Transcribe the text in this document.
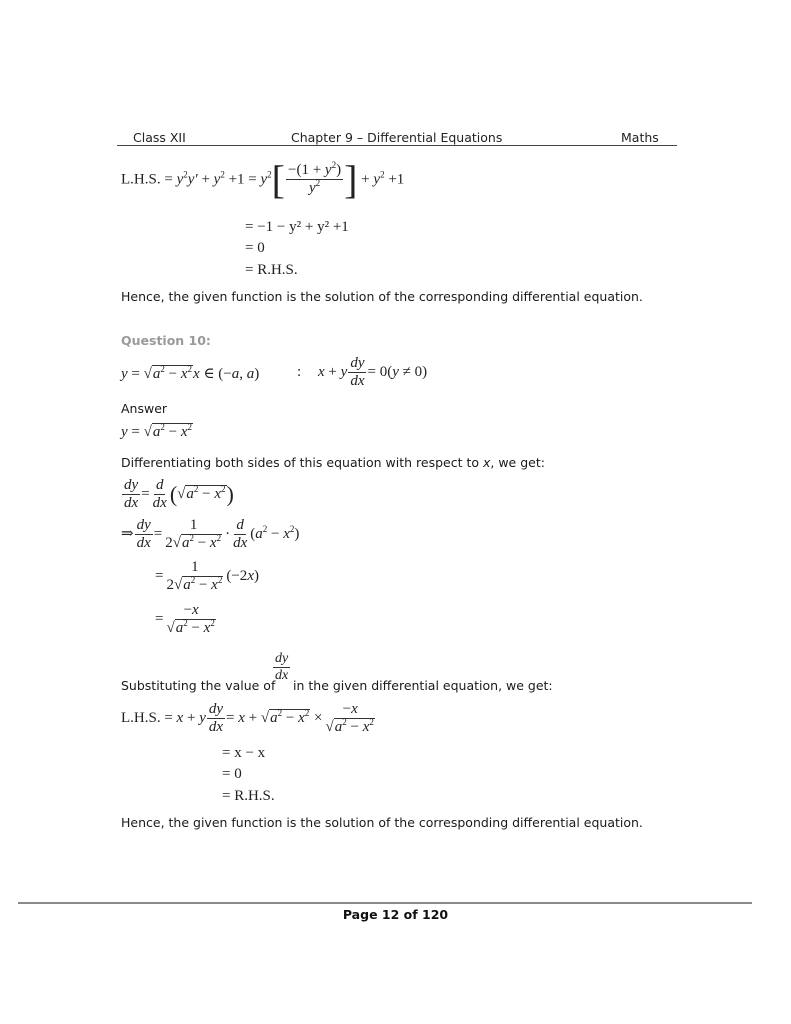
Class XII	Chapter 9 – Differential Equations	Maths
L.H.S. = $y^2y' + y^2 +1 = y^2[ \frac{-(1 + y^2)}{y^2}$ ] + $y^2 +1$
= −1 − y² + y² +1
= 0
= R.H.S.
Hence, the given function is the solution of the corresponding differential equation.
Question 10:
$y = √a^2 - x^2x$ ∈ (−a, a)	: x + y $\frac{dy}{dx} = 0(y \ne 0)$
Answer
$y = √a^2 - x^2$
Differentiating both sides of this equation with respect to x, we get:
$\frac{dy}{dx} = \frac{d}{dx} (√a^2 - x^2)$
⇒ $\frac{dy}{dx} = \frac{1}{2√a^2 - x^2} \cdot \frac{d}{dx} (a^2 - x^2)$
= $\frac{1}{2√a^2 - x^2} (-2x)$
= $\frac{-x}{√a^2 - x^2}$
Substituting the value of
$\frac{dy}{dx}$
in the given differential equation, we get:
L.H.S. = x + y $\frac{dy}{dx} = x + √a^2 - x^2 \times \frac{-x}{√a^2 - x^2}$
= x − x
= 0
= R.H.S.
Hence, the given function is the solution of the corresponding differential equation.
Page 12 of 120
